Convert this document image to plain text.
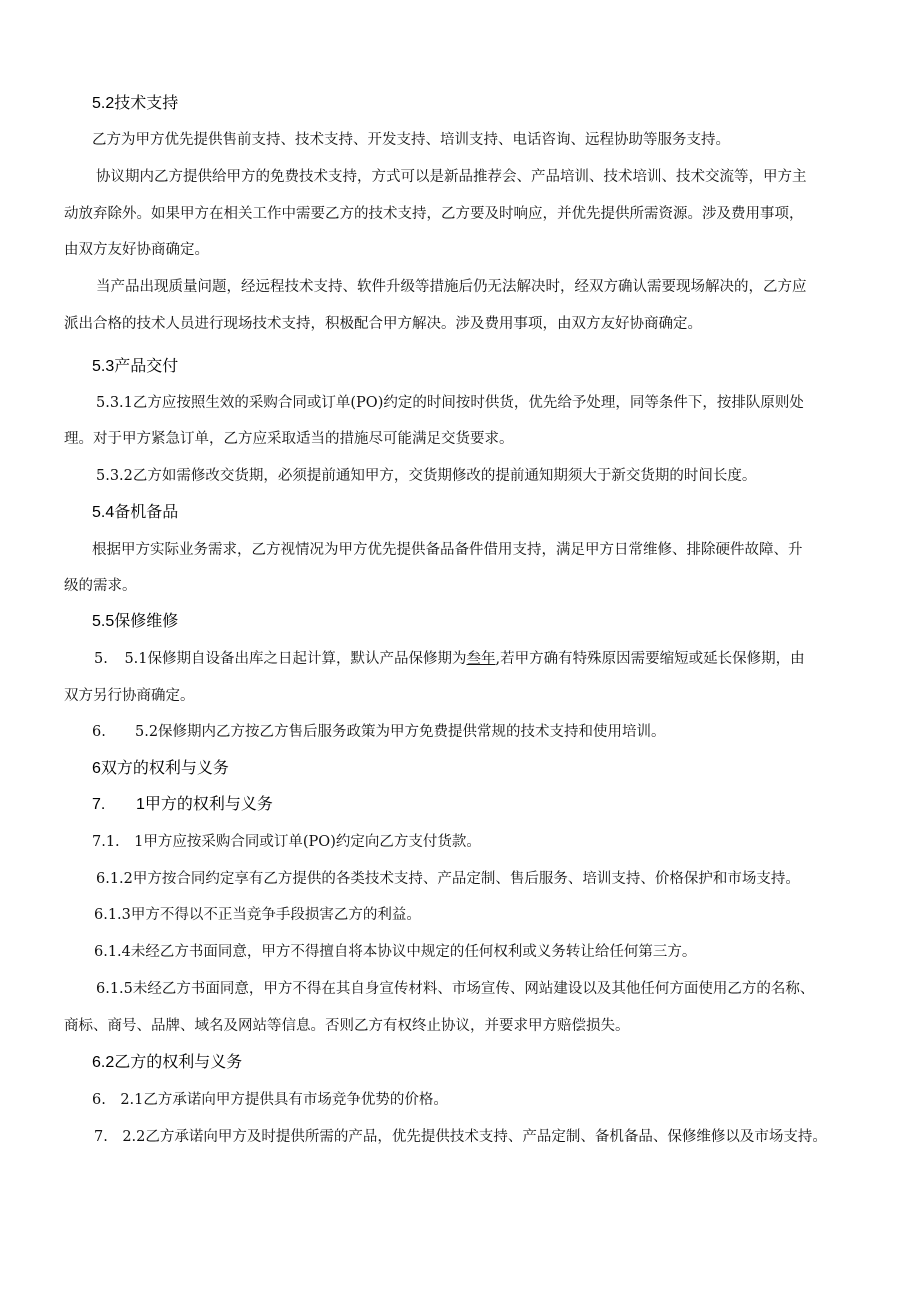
5.2技术支持
乙方为甲方优先提供售前支持、技术支持、开发支持、培训支持、电话咨询、远程协助等服务支持。
协议期内乙方提供给甲方的免费技术支持，方式可以是新品推荐会、产品培训、技术培训、技术交流等，甲方主
动放弃除外。如果甲方在相关工作中需要乙方的技术支持，乙方要及时响应，并优先提供所需资源。涉及费用事项，
由双方友好协商确定。
当产品出现质量问题，经远程技术支持、软件升级等措施后仍无法解决时，经双方确认需要现场解决的，乙方应
派出合格的技术人员进行现场技术支持，积极配合甲方解决。涉及费用事项，由双方友好协商确定。
5.3产品交付
5.3.1乙方应按照生效的采购合同或订单(PO)约定的时间按时供货，优先给予处理，同等条件下，按排队原则处
理。对于甲方紧急订单，乙方应采取适当的措施尽可能满足交货要求。
5.3.2乙方如需修改交货期，必须提前通知甲方，交货期修改的提前通知期须大于新交货期的时间长度。
5.4备机备品
根据甲方实际业务需求，乙方视情况为甲方优先提供备品备件借用支持，满足甲方日常维修、排除硬件故障、升
级的需求。
5.5保修维修
5. 5.1保修期自设备出库之日起计算，默认产品保修期为叁年,若甲方确有特殊原因需要缩短或延长保修期，由
双方另行协商确定。
6. 5.2保修期内乙方按乙方售后服务政策为甲方免费提供常规的技术支持和使用培训。
6双方的权利与义务
7. 1甲方的权利与义务
7.1.　1甲方应按采购合同或订单(PO)约定向乙方支付货款。
6.1.2甲方按合同约定享有乙方提供的各类技术支持、产品定制、售后服务、培训支持、价格保护和市场支持。
6.1.3甲方不得以不正当竞争手段损害乙方的利益。
6.1.4未经乙方书面同意，甲方不得擅自将本协议中规定的任何权利或义务转让给任何第三方。
6.1.5未经乙方书面同意，甲方不得在其自身宣传材料、市场宣传、网站建设以及其他任何方面使用乙方的名称、
商标、商号、品牌、域名及网站等信息。否则乙方有权终止协议，并要求甲方赔偿损失。
6.2乙方的权利与义务
6.　2.1乙方承诺向甲方提供具有市场竞争优势的价格。
7.　2.2乙方承诺向甲方及时提供所需的产品，优先提供技术支持、产品定制、备机备品、保修维修以及市场支持。
